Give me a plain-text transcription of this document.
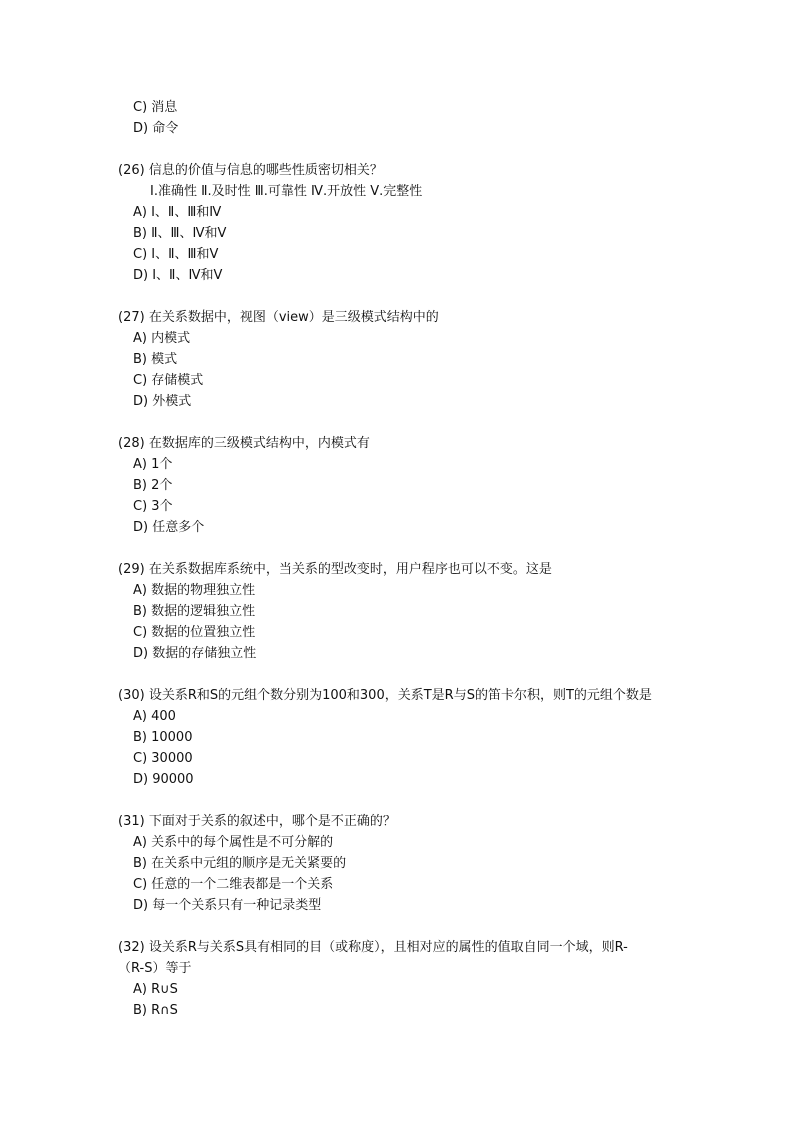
C) 消息
D) 命令
(26) 信息的价值与信息的哪些性质密切相关？
Ⅰ.准确性 Ⅱ.及时性 Ⅲ.可靠性 Ⅳ.开放性 Ⅴ.完整性
A) Ⅰ、Ⅱ、Ⅲ和Ⅳ
B) Ⅱ、Ⅲ、Ⅳ和Ⅴ
C) Ⅰ、Ⅱ、Ⅲ和Ⅴ
D) Ⅰ、Ⅱ、Ⅳ和Ⅴ
(27) 在关系数据中，视图（view）是三级模式结构中的
A) 内模式
B) 模式
C) 存储模式
D) 外模式
(28) 在数据库的三级模式结构中，内模式有
A) 1个
B) 2个
C) 3个
D) 任意多个
(29) 在关系数据库系统中，当关系的型改变时，用户程序也可以不变。这是
A) 数据的物理独立性
B) 数据的逻辑独立性
C) 数据的位置独立性
D) 数据的存储独立性
(30) 设关系R和S的元组个数分别为100和300，关系T是R与S的笛卡尔积，则T的元组个数是
A) 400
B) 10000
C) 30000
D) 90000
(31) 下面对于关系的叙述中，哪个是不正确的？
A) 关系中的每个属性是不可分解的
B) 在关系中元组的顺序是无关紧要的
C) 任意的一个二维表都是一个关系
D) 每一个关系只有一种记录类型
(32) 设关系R与关系S具有相同的目（或称度），且相对应的属性的值取自同一个域，则R-
（R-S）等于
A) R∪S
B) R∩S
